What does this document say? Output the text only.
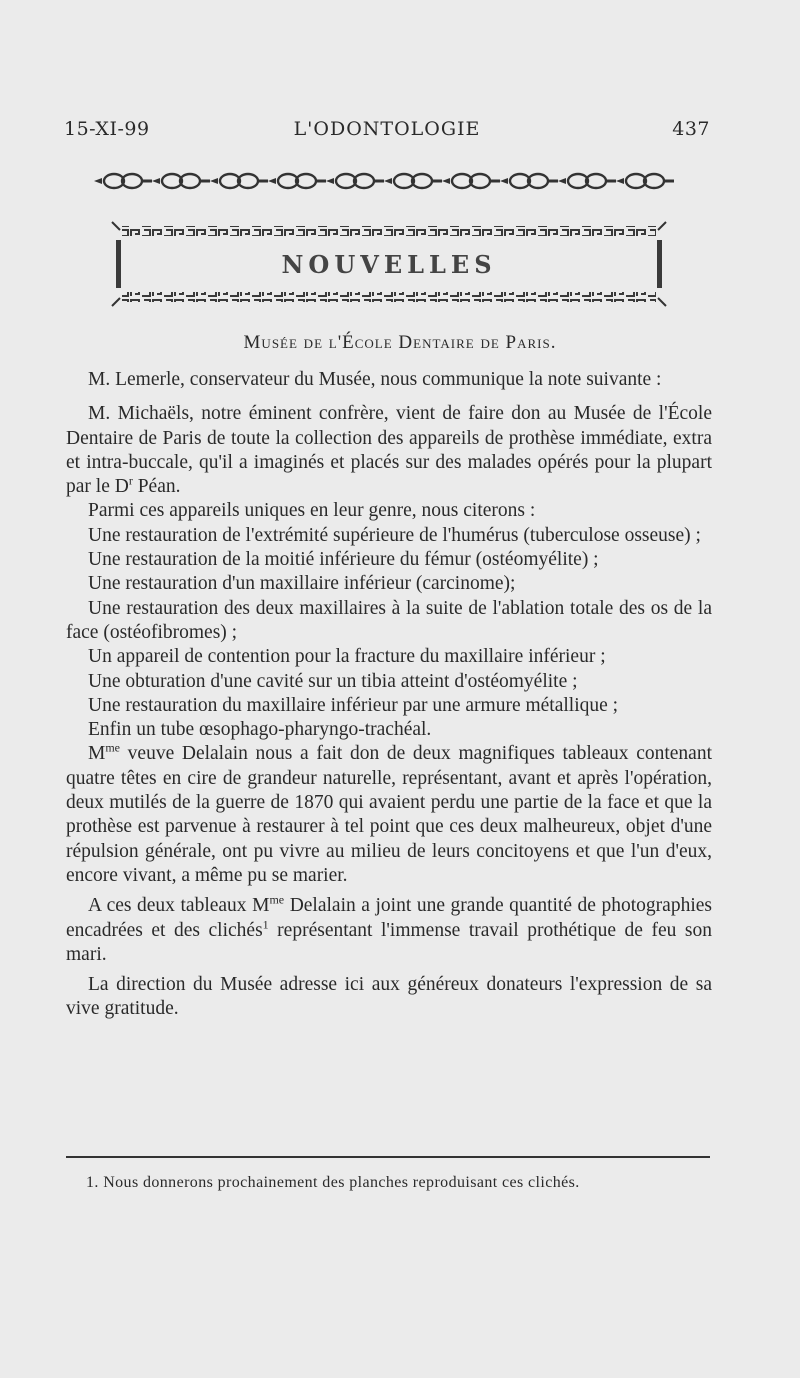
15-XI-99	L'ODONTOLOGIE	437
NOUVELLES
Musée de l'École Dentaire de Paris.

M. Lemerle, conservateur du Musée, nous communique la note suivante :

M. Michaëls, notre éminent confrère, vient de faire don au Musée de l'École Dentaire de Paris de toute la collection des appareils de prothèse immédiate, extra et intra-buccale, qu'il a imaginés et placés sur des malades opérés pour la plupart par le $D^r$ Péan.

Parmi ces appareils uniques en leur genre, nous citerons :

Une restauration de l'extrémité supérieure de l'humérus (tuberculose osseuse) ;

Une restauration de la moitié inférieure du fémur (ostéomyélite) ;

Une restauration d'un maxillaire inférieur (carcinome);

Une restauration des deux maxillaires à la suite de l'ablation totale des os de la face (ostéofibromes) ;

Un appareil de contention pour la fracture du maxillaire inférieur ;

Une obturation d'une cavité sur un tibia atteint d'ostéomyélite ;

Une restauration du maxillaire inférieur par une armure métallique ;

Enfin un tube œsophago-pharyngo-trachéal.

$M^{me}$ veuve Delalain nous a fait don de deux magnifiques tableaux contenant quatre têtes en cire de grandeur naturelle, représentant, avant et après l'opération, deux mutilés de la guerre de 1870 qui avaient perdu une partie de la face et que la prothèse est parvenue à restaurer à tel point que ces deux malheureux, objet d'une répulsion générale, ont pu vivre au milieu de leurs concitoyens et que l'un d'eux, encore vivant, a même pu se marier.

A ces deux tableaux $M^{me}$ Delalain a joint une grande quantité de photographies encadrées et des clichés$^1$ représentant l'immense travail prothétique de feu son mari.

La direction du Musée adresse ici aux généreux donateurs l'expression de sa vive gratitude.

1. Nous donnerons prochainement des planches reproduisant ces clichés.
